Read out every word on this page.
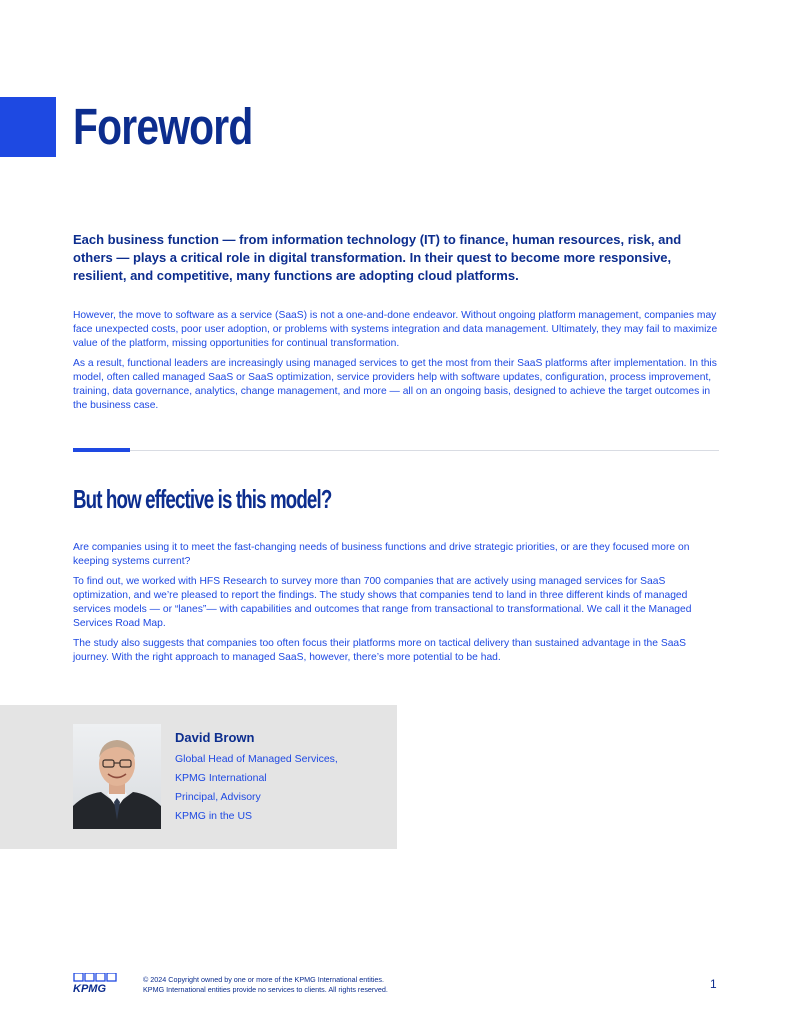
Foreword

Each business function — from information technology (IT) to finance, human resources, risk, and others — plays a critical role in digital transformation. In their quest to become more responsive, resilient, and competitive, many functions are adopting cloud platforms.

However, the move to software as a service (SaaS) is not a one-and-done endeavor. Without ongoing platform management, companies may face unexpected costs, poor user adoption, or problems with systems integration and data management. Ultimately, they may fail to maximize value of the platform, missing opportunities for continual transformation.

As a result, functional leaders are increasingly using managed services to get the most from their SaaS platforms after implementation. In this model, often called managed SaaS or SaaS optimization, service providers help with software updates, configuration, process improvement, training, data governance, analytics, change management, and more — all on an ongoing basis, designed to achieve the target outcomes in the business case.

But how effective is this model?

Are companies using it to meet the fast-changing needs of business functions and drive strategic priorities, or are they focused more on keeping systems current?

To find out, we worked with HFS Research to survey more than 700 companies that are actively using managed services for SaaS optimization, and we’re pleased to report the findings. The study shows that companies tend to land in three different kinds of managed services models — or “lanes”— with capabilities and outcomes that range from transactional to transformational. We call it the Managed Services Road Map.

The study also suggests that companies too often focus their platforms more on tactical delivery than sustained advantage in the SaaS journey. With the right approach to managed SaaS, however, there’s more potential to be had.

David Brown
Global Head of Managed Services,
KPMG International
Principal, Advisory
KPMG in the US
KPMG
© 2024 Copyright owned by one or more of the KPMG International entities.
KPMG International entities provide no services to clients. All rights reserved.	1
